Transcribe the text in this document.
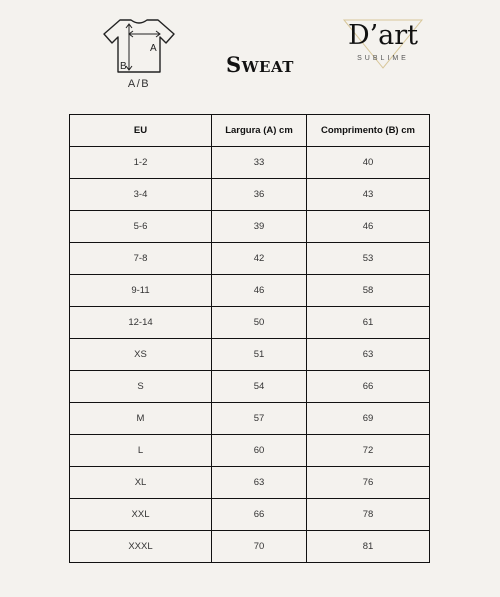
A
B
A/B
Sweat
D’art
SUBLIME
EU	Largura (A) cm	Comprimento (B) cm
1-2	33	40
3-4	36	43
5-6	39	46
7-8	42	53
9-11	46	58
12-14	50	61
XS	51	63
S	54	66
M	57	69
L	60	72
XL	63	76
XXL	66	78
XXXL	70	81
